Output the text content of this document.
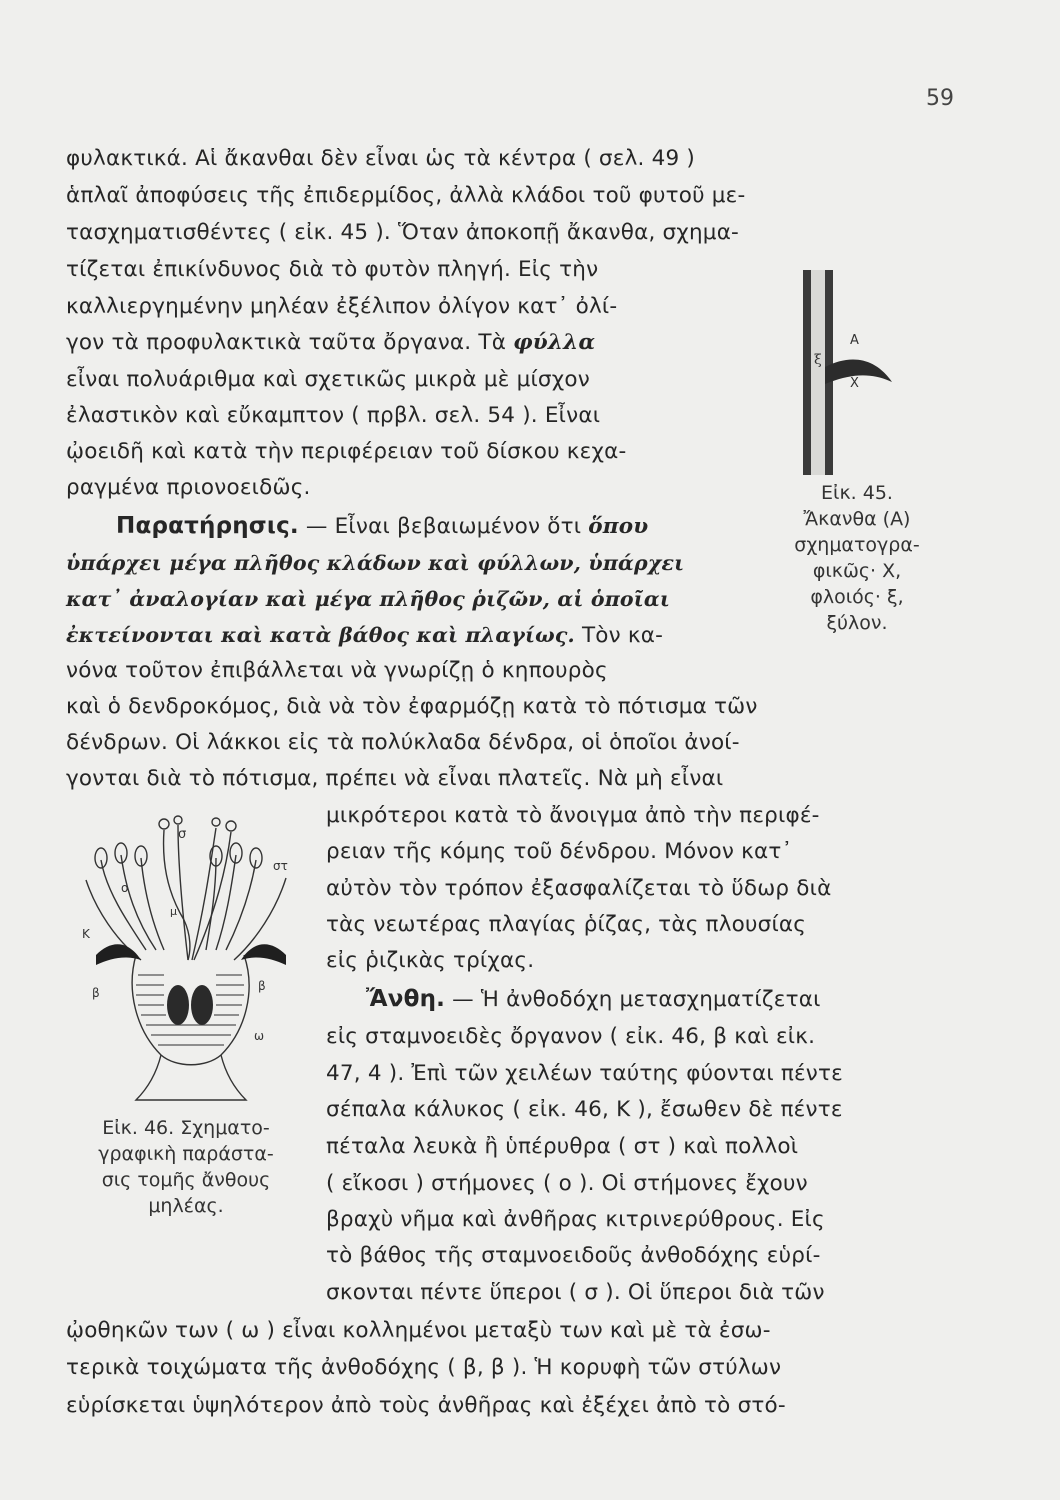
59
φυλακτικά. Αἱ ἄκανθαι δὲν εἶναι ὡς τὰ κέντρα ( σελ. 49 )
ἁπλαῖ ἀποφύσεις τῆς ἐπιδερμίδος, ἀλλὰ κλάδοι τοῦ φυτοῦ με-
τασχηματισθέντες ( εἰκ. 45 ). Ὅταν ἀποκοπῇ ἄκανθα, σχημα-
τίζεται ἐπικίνδυνος διὰ τὸ φυτὸν πληγή. Εἰς τὴν
καλλιεργημένην μηλέαν ἐξέλιπον ὀλίγον κατ᾽ ὀλί-
γον τὰ προφυλακτικὰ ταῦτα ὄργανα. Τὰ φύλλα
εἶναι πολυάριθμα καὶ σχετικῶς μικρὰ μὲ μίσχον
ἐλαστικὸν καὶ εὔκαμπτον ( πρβλ. σελ. 54 ). Εἶναι
ᾠοειδῆ καὶ κατὰ τὴν περιφέρειαν τοῦ δίσκου κεχα-
ραγμένα πριονοειδῶς.
Παρατήρησις. — Εἶναι βεβαιωμένον ὅτι ὅπου
ὑπάρχει μέγα πλῆθος κλάδων καὶ φύλλων, ὑπάρχει
κατ᾽ ἀναλογίαν καὶ μέγα πλῆθος ῥιζῶν, αἱ ὁποῖαι
ἐκτείνονται καὶ κατὰ βάθος καὶ πλαγίως. Τὸν κα-
νόνα τοῦτον ἐπιβάλλεται νὰ γνωρίζῃ ὁ κηπουρὸς
καὶ ὁ δενδροκόμος, διὰ νὰ τὸν ἐφαρμόζῃ κατὰ τὸ πότισμα τῶν
δένδρων. Οἱ λάκκοι εἰς τὰ πολύκλαδα δένδρα, οἱ ὁποῖοι ἀνοί-
γονται διὰ τὸ πότισμα, πρέπει νὰ εἶναι πλατεῖς. Νὰ μὴ εἶναι
μικρότεροι κατὰ τὸ ἄνοιγμα ἀπὸ τὴν περιφέ-
ρειαν τῆς κόμης τοῦ δένδρου. Μόνον κατ᾽
αὐτὸν τὸν τρόπον ἐξασφαλίζεται τὸ ὕδωρ διὰ
τὰς νεωτέρας πλαγίας ῥίζας, τὰς πλουσίας
εἰς ῥιζικὰς τρίχας.
Ἄνθη. — Ἡ ἀνθοδόχη μετασχηματίζεται
εἰς σταμνοειδὲς ὄργανον ( εἰκ. 46, β καὶ εἰκ.
47, 4 ). Ἐπὶ τῶν χειλέων ταύτης φύονται πέντε
σέπαλα κάλυκος ( εἰκ. 46, Κ ), ἔσωθεν δὲ πέντε
πέταλα λευκὰ ἢ ὑπέρυθρα ( στ ) καὶ πολλοὶ
( εἴκοσι ) στήμονες ( ο ). Οἱ στήμονες ἔχουν
βραχὺ νῆμα καὶ ἀνθῆρας κιτρινερύθρους. Εἰς
τὸ βάθος τῆς σταμνοειδοῦς ἀνθοδόχης εὑρί-
σκονται πέντε ὕπεροι ( σ ). Οἱ ὕπεροι διὰ τῶν
ᾠοθηκῶν των ( ω ) εἶναι κολλημένοι μεταξὺ των καὶ μὲ τὰ ἐσω-
τερικὰ τοιχώματα τῆς ἀνθοδόχης ( β, β ). Ἡ κορυφὴ τῶν στύλων
εὑρίσκεται ὑψηλότερον ἀπὸ τοὺς ἀνθῆρας καὶ ἐξέχει ἀπὸ τὸ στό-
Α
Χ
ξ
Εἰκ. 45.
Ἄκανθα (Α)
σχηματογρα-
φικῶς· Χ,
φλοιός· ξ,
ξύλον.
σ
στ
ο
μ
Κ
β	β
ω
Εἰκ. 46. Σχηματο-
γραφικὴ παράστα-
σις τομῆς ἄνθους
μηλέας.
